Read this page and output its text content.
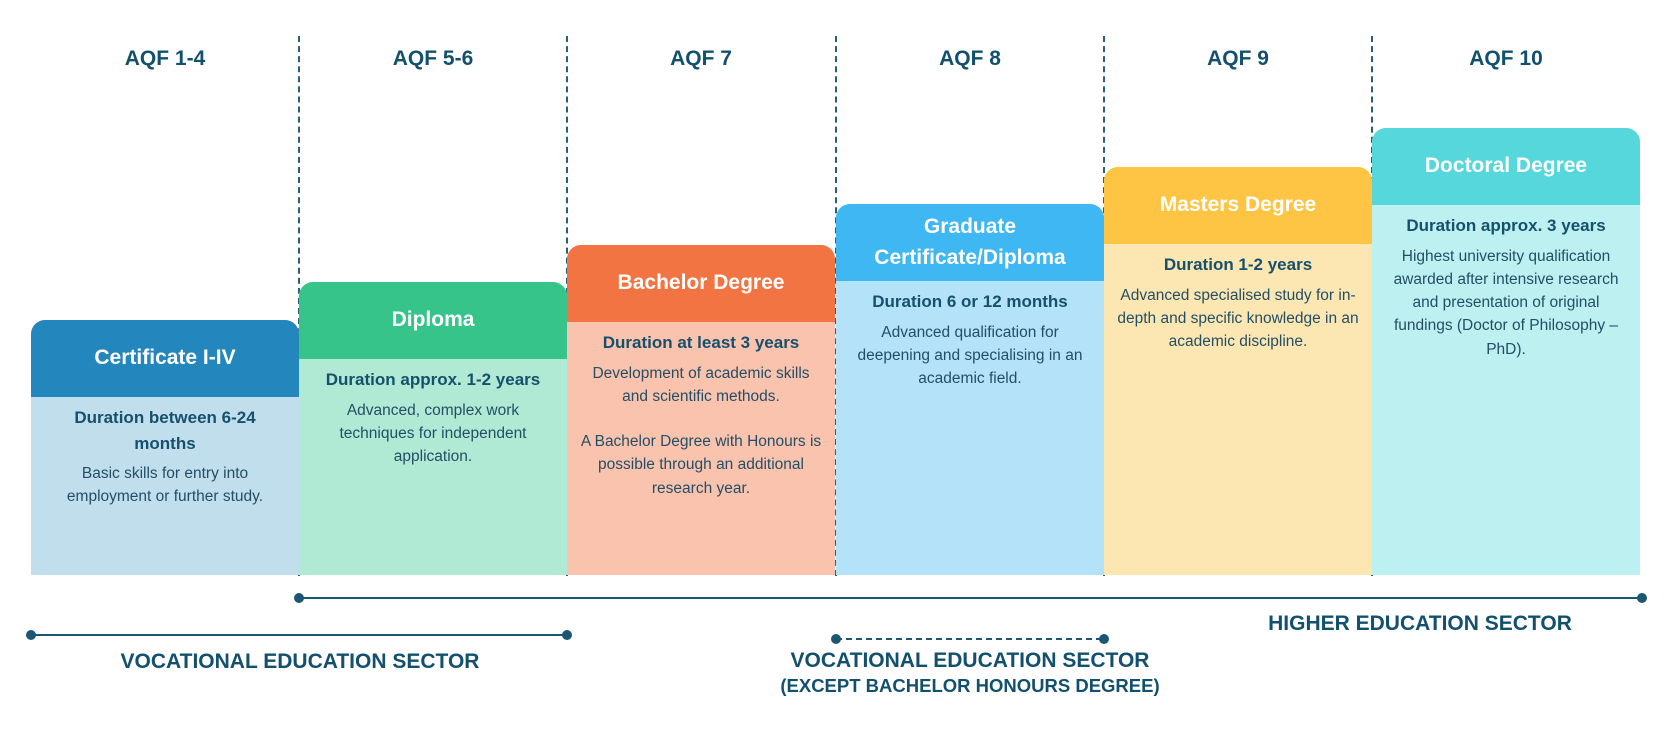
AQF 1-4	AQF 5-6	AQF 7	AQF 8	AQF 9	AQF 10
Certificate I-IV
Duration between 6-24 months

Basic skills for entry into employment or further study.

Diploma
Duration approx. 1-2 years

Advanced, complex work techniques for independent application.

Bachelor Degree
Duration at least 3 years

Development of academic skills and scientific methods.

A Bachelor Degree with Honours is possible through an additional research year.

Graduate Certificate/Diploma
Duration 6 or 12 months

Advanced qualification for deepening and specialising in an academic field.

Masters Degree
Duration 1-2 years

Advanced specialised study for in-depth and specific knowledge in an academic discipline.

Doctoral Degree
Duration approx. 3 years

Highest university qualification awarded after intensive research and presentation of original fundings (Doctor of Philosophy – PhD).

VOCATIONAL EDUCATION SECTOR	VOCATIONAL EDUCATION SECTOR
(EXCEPT BACHELOR HONOURS DEGREE)
HIGHER EDUCATION SECTOR
